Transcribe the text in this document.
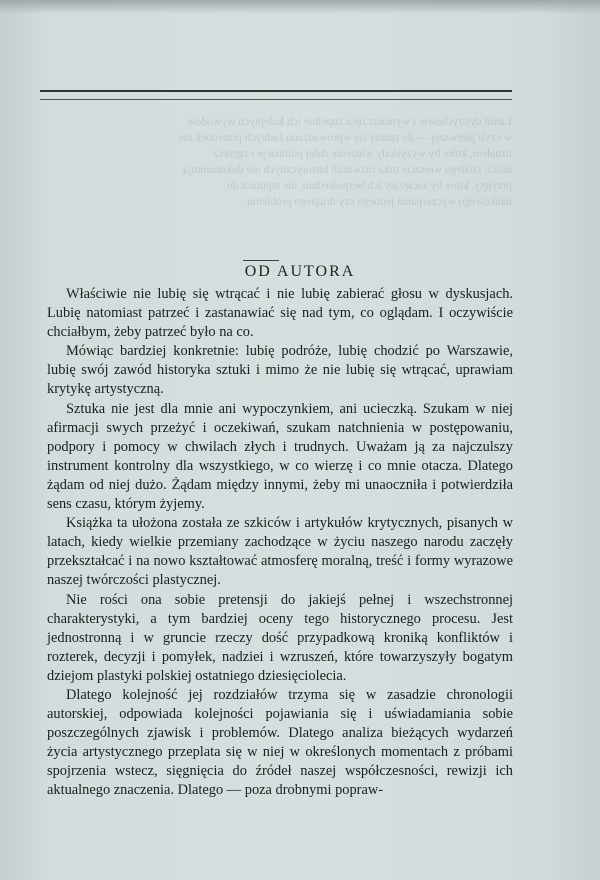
Lamit dystrychowie i wymaszczęcz zupełnie ich kolejnych wywodów

w czyli pierwszej — do tamtej się wprowadzano żadnych przeróbek nie

uznałem, które by wyzyskały widzenie dalej polimacje i zgrzecz

ności. Dlatego wreszcie tuka rozważań historycznych nie dokumentują

przyjęty, które by zaciężały ich bezpośrednio, nie atputacz do

naukowego wyczerpania jednego czy drugiego problemu.

OD AUTORA

Właściwie nie lubię się wtrącać i nie lubię zabierać głosu w dyskusjach. Lubię natomiast patrzeć i zastanawiać się nad tym, co oglądam. I oczywiście chciałbym, żeby patrzeć było na co.

Mówiąc bardziej konkretnie: lubię podróże, lubię chodzić po Warszawie, lubię swój zawód historyka sztuki i mimo że nie lubię się wtrącać, uprawiam krytykę artystyczną.

Sztuka nie jest dla mnie ani wypoczynkiem, ani ucieczką. Szukam w niej afirmacji swych przeżyć i oczekiwań, szukam natchnienia w postępowaniu, podpory i pomocy w chwilach złych i trudnych. Uważam ją za najczulszy instrument kontrolny dla wszystkiego, w co wierzę i co mnie otacza. Dlatego żądam od niej dużo. Żądam między innymi, żeby mi unaoczniła i potwierdziła sens czasu, którym żyjemy.

Książka ta ułożona została ze szkiców i artykułów krytycznych, pisanych w latach, kiedy wielkie przemiany zachodzące w życiu naszego narodu zaczęły przekształcać i na nowo kształtować atmosferę moralną, treść i formy wyrazowe naszej twórczości plastycznej.

Nie rości ona sobie pretensji do jakiejś pełnej i wszechstronnej charakterystyki, a tym bardziej oceny tego historycznego procesu. Jest jednostronną i w gruncie rzeczy dość przypadkową kroniką konfliktów i rozterek, decyzji i pomyłek, nadziei i wzruszeń, które towarzyszyły bogatym dziejom plastyki polskiej ostatniego dziesięciolecia.

Dlatego kolejność jej rozdziałów trzyma się w zasadzie chronologii autorskiej, odpowiada kolejności pojawiania się i uświadamiania sobie poszczególnych zjawisk i problemów. Dlatego analiza bieżących wydarzeń życia artystycznego przeplata się w niej w określonych momentach z próbami spojrzenia wstecz, sięgnięcia do źródeł naszej współczesności, rewizji ich aktualnego znaczenia. Dlatego — poza drobnymi popraw-
